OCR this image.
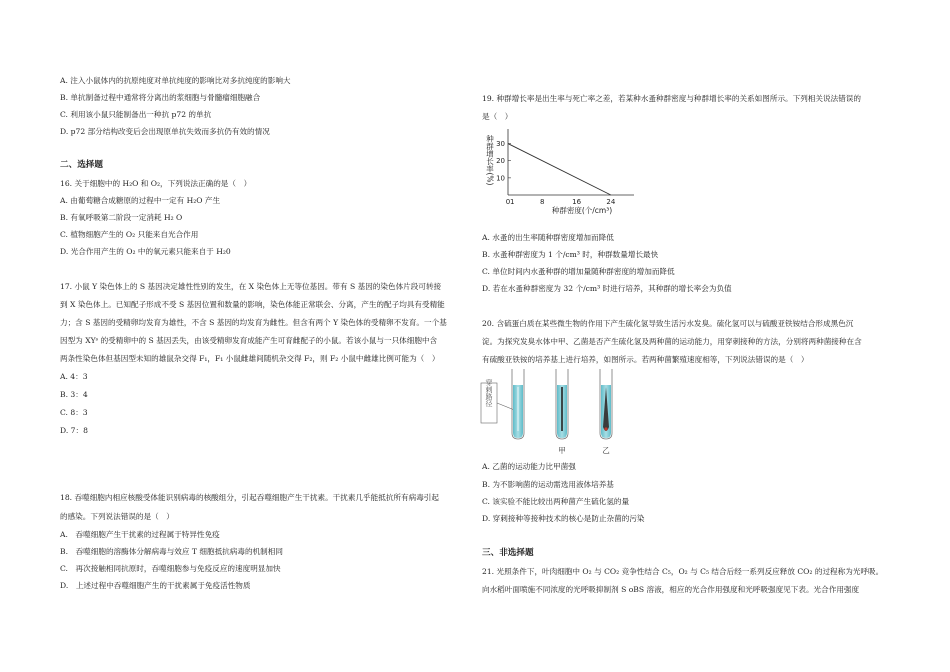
A. 注入小鼠体内的抗原纯度对单抗纯度的影响比对多抗纯度的影响大
B. 单抗制备过程中通常将分离出的浆细胞与骨髓瘤细胞融合
C. 利用该小鼠只能制备出一种抗 p72 的单抗
D. p72 部分结构改变后会出现原单抗失效而多抗仍有效的情况
二、选择题
16. 关于细胞中的 H₂O 和 O₂，下列说法正确的是（　）
A. 由葡萄糖合成糖原的过程中一定有 H₂O 产生
B. 有氧呼吸第二阶段一定消耗 H₂ O
C. 植物细胞产生的 O₂ 只能来自光合作用
D. 光合作用产生的 O₂ 中的氧元素只能来自于 H₂0
17. 小鼠 Y 染色体上的 S 基因决定雄性性别的发生，在 X 染色体上无等位基因。带有 S 基因的染色体片段可转接
到 X 染色体上。已知配子形成不受 S 基因位置和数量的影响，染色体能正常联会、分离，产生的配子均具有受精能
力；含 S 基因的受精卵均发育为雄性，不含 S 基因的均发育为雌性。但含有两个 Y 染色体的受精卵不发育。一个基
因型为 XYˢ 的受精卵中的 S 基因丢失，由该受精卵发育成能产生可育雌配子的小鼠。若该小鼠与一只体细胞中含
两条性染色体但基因型未知的雄鼠杂交得 F₁，F₁ 小鼠雌雄间随机杂交得 F₂，则 F₂ 小鼠中雌雄比例可能为（　）
A. 4：3
B. 3：4
C. 8：3
D. 7：8
18. 吞噬细胞内相应核酸受体能识别病毒的核酸组分，引起吞噬细胞产生干扰素。干扰素几乎能抵抗所有病毒引起
的感染。下列说法错误的是（　）
A.　吞噬细胞产生干扰素的过程属于特异性免疫
B.　吞噬细胞的溶酶体分解病毒与效应 T 细胞抵抗病毒的机制相同
C.　再次接触相同抗原时，吞噬细胞参与免疫反应的速度明显加快
D.　上述过程中吞噬细胞产生的干扰素属于免疫活性物质
19. 种群增长率是出生率与死亡率之差，若某种水蚤种群密度与种群增长率的关系如图所示。下列相关说法错误的
是（　）
30
20
10
0 1	8	16	24
种群密度(个/cm³)
种群增长率(%)
A. 水蚤的出生率随种群密度增加而降低
B. 水蚤种群密度为 1 个/cm³ 时，种群数量增长最快
C. 单位时间内水蚤种群的增加量随种群密度的增加而降低
D. 若在水蚤种群密度为 32 个/cm³ 时进行培养，其种群的增长率会为负值
20. 含硫蛋白质在某些微生物的作用下产生硫化氢导致生活污水发臭。硫化氢可以与硫酸亚铁铵结合形成黑色沉
淀。为探究发臭水体中甲、乙菌是否产生硫化氢及两种菌的运动能力，用穿刺接种的方法，分别将两种菌接种在含
有硫酸亚铁铵的培养基上进行培养，如图所示。若两种菌繁殖速度相等，下列说法错误的是（　）
穿刺路径
甲	乙
A. 乙菌的运动能力比甲菌强
B. 为不影响菌的运动需选用液体培养基
C. 该实验不能比较出两种菌产生硫化氢的量
D. 穿刺接种等接种技术的核心是防止杂菌的污染
三、非选择题
21. 光照条件下，叶肉细胞中 O₂ 与 CO₂ 竞争性结合 C₅，O₂ 与 C₅ 结合后经一系列反应释放 CO₂ 的过程称为光呼吸。
向水稻叶面喷施不同浓度的光呼吸抑制剂 S oBS 溶液，相应的光合作用强度和光呼吸强度见下表。光合作用强度
